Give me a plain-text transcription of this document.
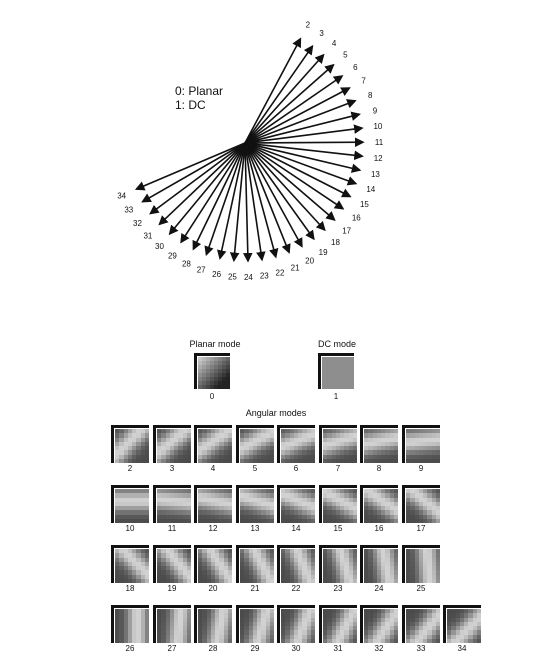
2
3
4
5
6
7
8
9
10
11
12
13
14
15
16
17
18
19
20
21
22
23
24
25
26
27
28
29
30
31
32
33
34
0: Planar
1: DC
Planar mode	DC mode
0	1
Angular modes
2	3	4	5	6	7	8	9
10	11	12	13	14	15	16	17
18	19	20	21	22	23	24	25
26	27	28	29	30	31	32	33	34
